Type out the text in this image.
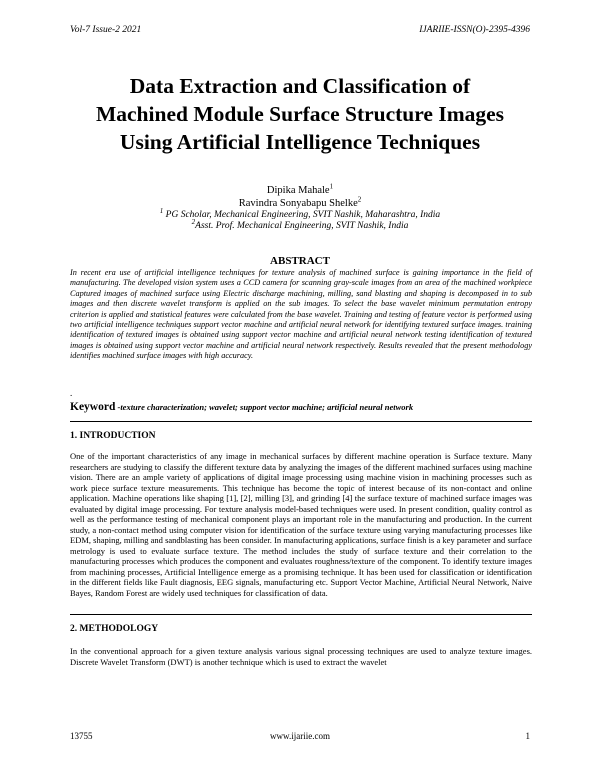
Vol-7 Issue-2 2021	IJARIIE-ISSN(O)-2395-4396
Data Extraction and Classification of
Machined Module Surface Structure Images
Using Artificial Intelligence Techniques
Dipika Mahale$^1$
Ravindra Sonyabapu Shelke$^2$
$^1$ PG Scholar, Mechanical Engineering, SVIT Nashik, Maharashtra, India
$^2$Asst. Prof. Mechanical Engineering, SVIT Nashik, India
ABSTRACT
In recent era use of artificial intelligence techniques for texture analysis of machined surface is gaining importance in the field of manufacturing. The developed vision system uses a CCD camera for scanning gray-scale images from an area of the machined workpiece Captured images of machined surface using Electric discharge machining, milling, sand blasting and shaping is decomposed in to sub images and then discrete wavelet transform is applied on the sub images. To select the base wavelet minimum permutation entropy criterion is applied and statistical features were calculated from the base wavelet. Training and testing of feature vector is performed using two artificial intelligence techniques support vector machine and artificial neural network for identifying textured surface images. training identification of textured images is obtained using support vector machine and artificial neural network testing identification of textured images is obtained using support vector machine and artificial neural network respectively. Results revealed that the present methodology identifies machined surface images with high accuracy.
.
Keyword -texture characterization; wavelet; support vector machine; artificial neural network
1. INTRODUCTION
One of the important characteristics of any image in mechanical surfaces by different machine operation is Surface texture. Many researchers are studying to classify the different texture data by analyzing the images of the different machined surfaces using machine vision. There are an ample variety of applications of digital image processing using machine vision in machining processes such as work piece surface texture measurements. This technique has become the topic of interest because of its non-contact and online application. Machine operations like shaping [1], [2], milling [3], and grinding [4] the surface texture of machined surface images was evaluated by digital image processing. For texture analysis model-based techniques were used. In present condition, quality control as well as the performance testing of mechanical component plays an important role in the manufacturing and production. In the current study, a non-contact method using computer vision for identification of the surface texture using varying manufacturing processes like EDM, shaping, milling and sandblasting has been consider. In manufacturing applications, surface finish is a key parameter and surface metrology is used to evaluate surface texture. The method includes the study of surface texture and their correlation to the manufacturing processes which produces the component and evaluates roughness/texture of the component. To identify texture images from machining processes, Artificial Intelligence emerge as a promising technique. It has been used for classification or identification in the different fields like Fault diagnosis, EEG signals, manufacturing etc. Support Vector Machine, Artificial Neural Network, Naive Bayes, Random Forest are widely used techniques for classification of data.
2. METHODOLOGY
In the conventional approach for a given texture analysis various signal processing techniques are used to analyze texture images. Discrete Wavelet Transform (DWT) is another technique which is used to extract the wavelet
13755	www.ijariie.com	1
